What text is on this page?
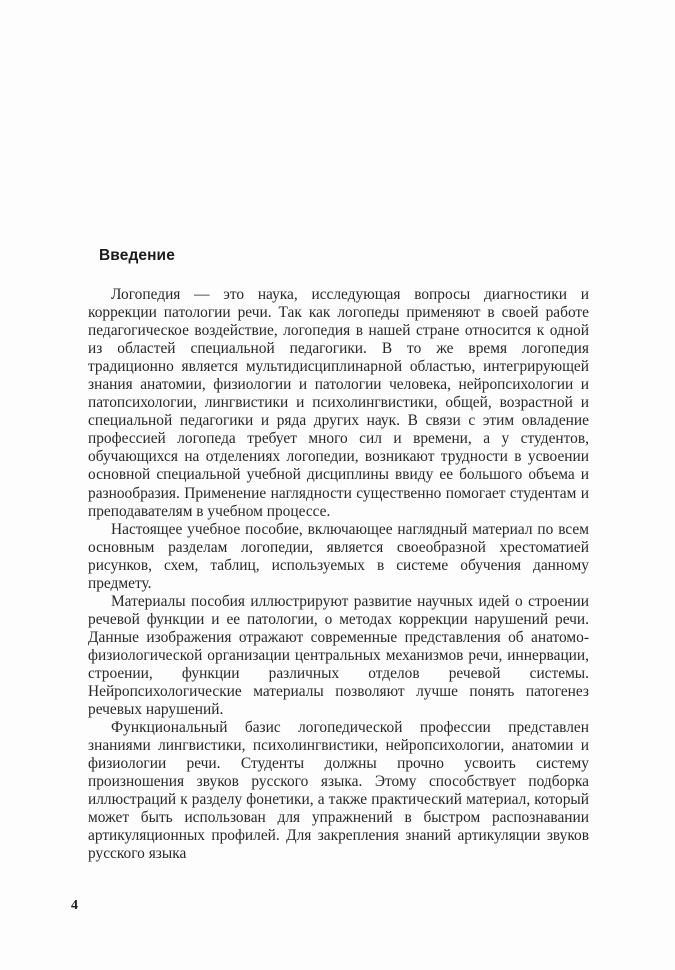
Введение

Логопедия — это наука, исследующая вопросы диагностики и коррекции патологии речи. Так как логопеды применяют в своей работе педагогическое воздействие, логопедия в нашей стране относится к одной из областей специальной педагогики. В то же время логопедия традиционно является мультидисциплинарной областью, интегрирующей знания анатомии, физиологии и патологии человека, нейропсихологии и патопсихологии, лингвистики и психолингвистики, общей, возрастной и специальной педагогики и ряда других наук. В связи с этим овладение профессией логопеда требует много сил и времени, а у студентов, обучающихся на отделениях логопедии, возникают трудности в усвоении основной специальной учебной дисциплины ввиду ее большого объема и разнообразия. Применение наглядности существенно помогает студентам и преподавателям в учебном процессе.

Настоящее учебное пособие, включающее наглядный материал по всем основным разделам логопедии, является своеобразной хрестоматией рисунков, схем, таблиц, используемых в системе обучения данному предмету.

Материалы пособия иллюстрируют развитие научных идей о строении речевой функции и ее патологии, о методах коррекции нарушений речи. Данные изображения отражают современные представления об анатомо-физиологической организации центральных механизмов речи, иннервации, строении, функции различных отделов речевой системы. Нейропсихологические материалы позволяют лучше понять патогенез речевых нарушений.

Функциональный базис логопедической профессии представлен знаниями лингвистики, психолингвистики, нейропсихологии, анатомии и физиологии речи. Студенты должны прочно усвоить систему произношения звуков русского языка. Этому способствует подборка иллюстраций к разделу фонетики, а также практический материал, который может быть использован для упражнений в быстром распознавании артикуляционных профилей. Для закрепления знаний артикуляции звуков русского языка

4
